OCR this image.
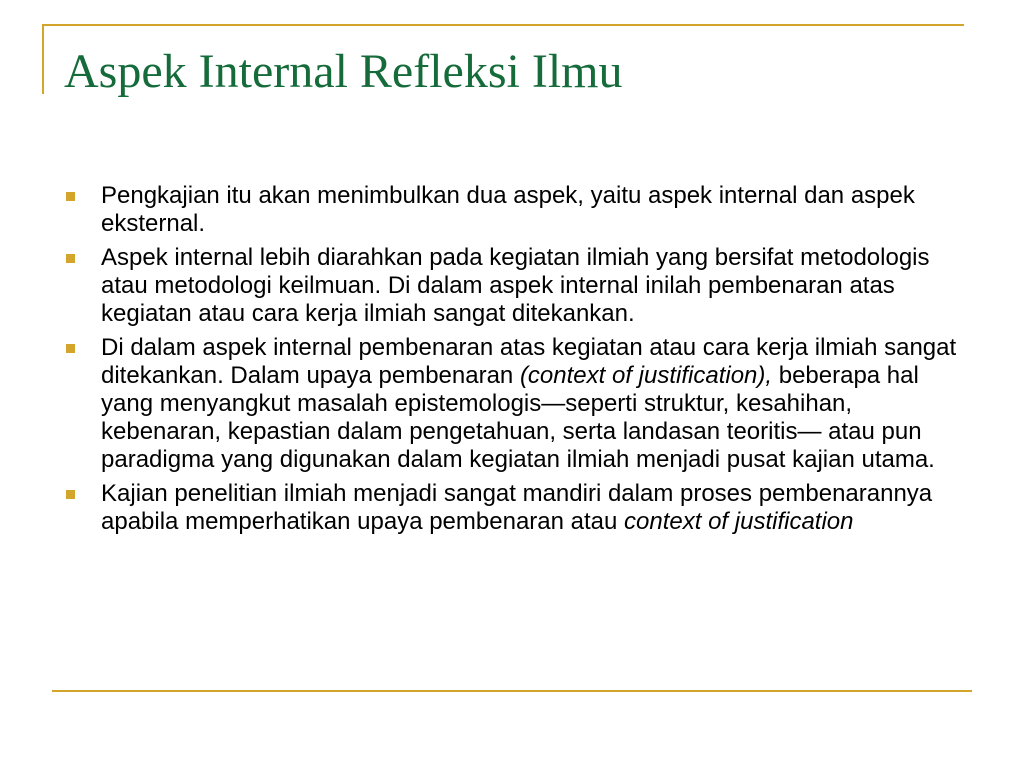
Aspek Internal Refleksi Ilmu
Pengkajian itu akan menimbulkan dua aspek, yaitu aspek internal dan aspek eksternal.
Aspek internal lebih diarahkan pada kegiatan ilmiah yang bersifat metodologis atau metodologi keilmuan. Di dalam aspek internal inilah pembenaran atas kegiatan atau cara kerja ilmiah sangat ditekankan.
Di dalam aspek internal pembenaran atas kegiatan atau cara kerja ilmiah sangat ditekankan. Dalam upaya pembenaran (context of justification), beberapa hal yang menyangkut masalah epistemologis—seperti struktur, kesahihan, kebenaran, kepastian dalam pengetahuan, serta landasan teoritis— atau pun paradigma yang digunakan dalam kegiatan ilmiah menjadi pusat kajian utama.
Kajian penelitian ilmiah menjadi sangat mandiri dalam proses pembenarannya apabila memperhatikan upaya pembenaran atau context of justification
